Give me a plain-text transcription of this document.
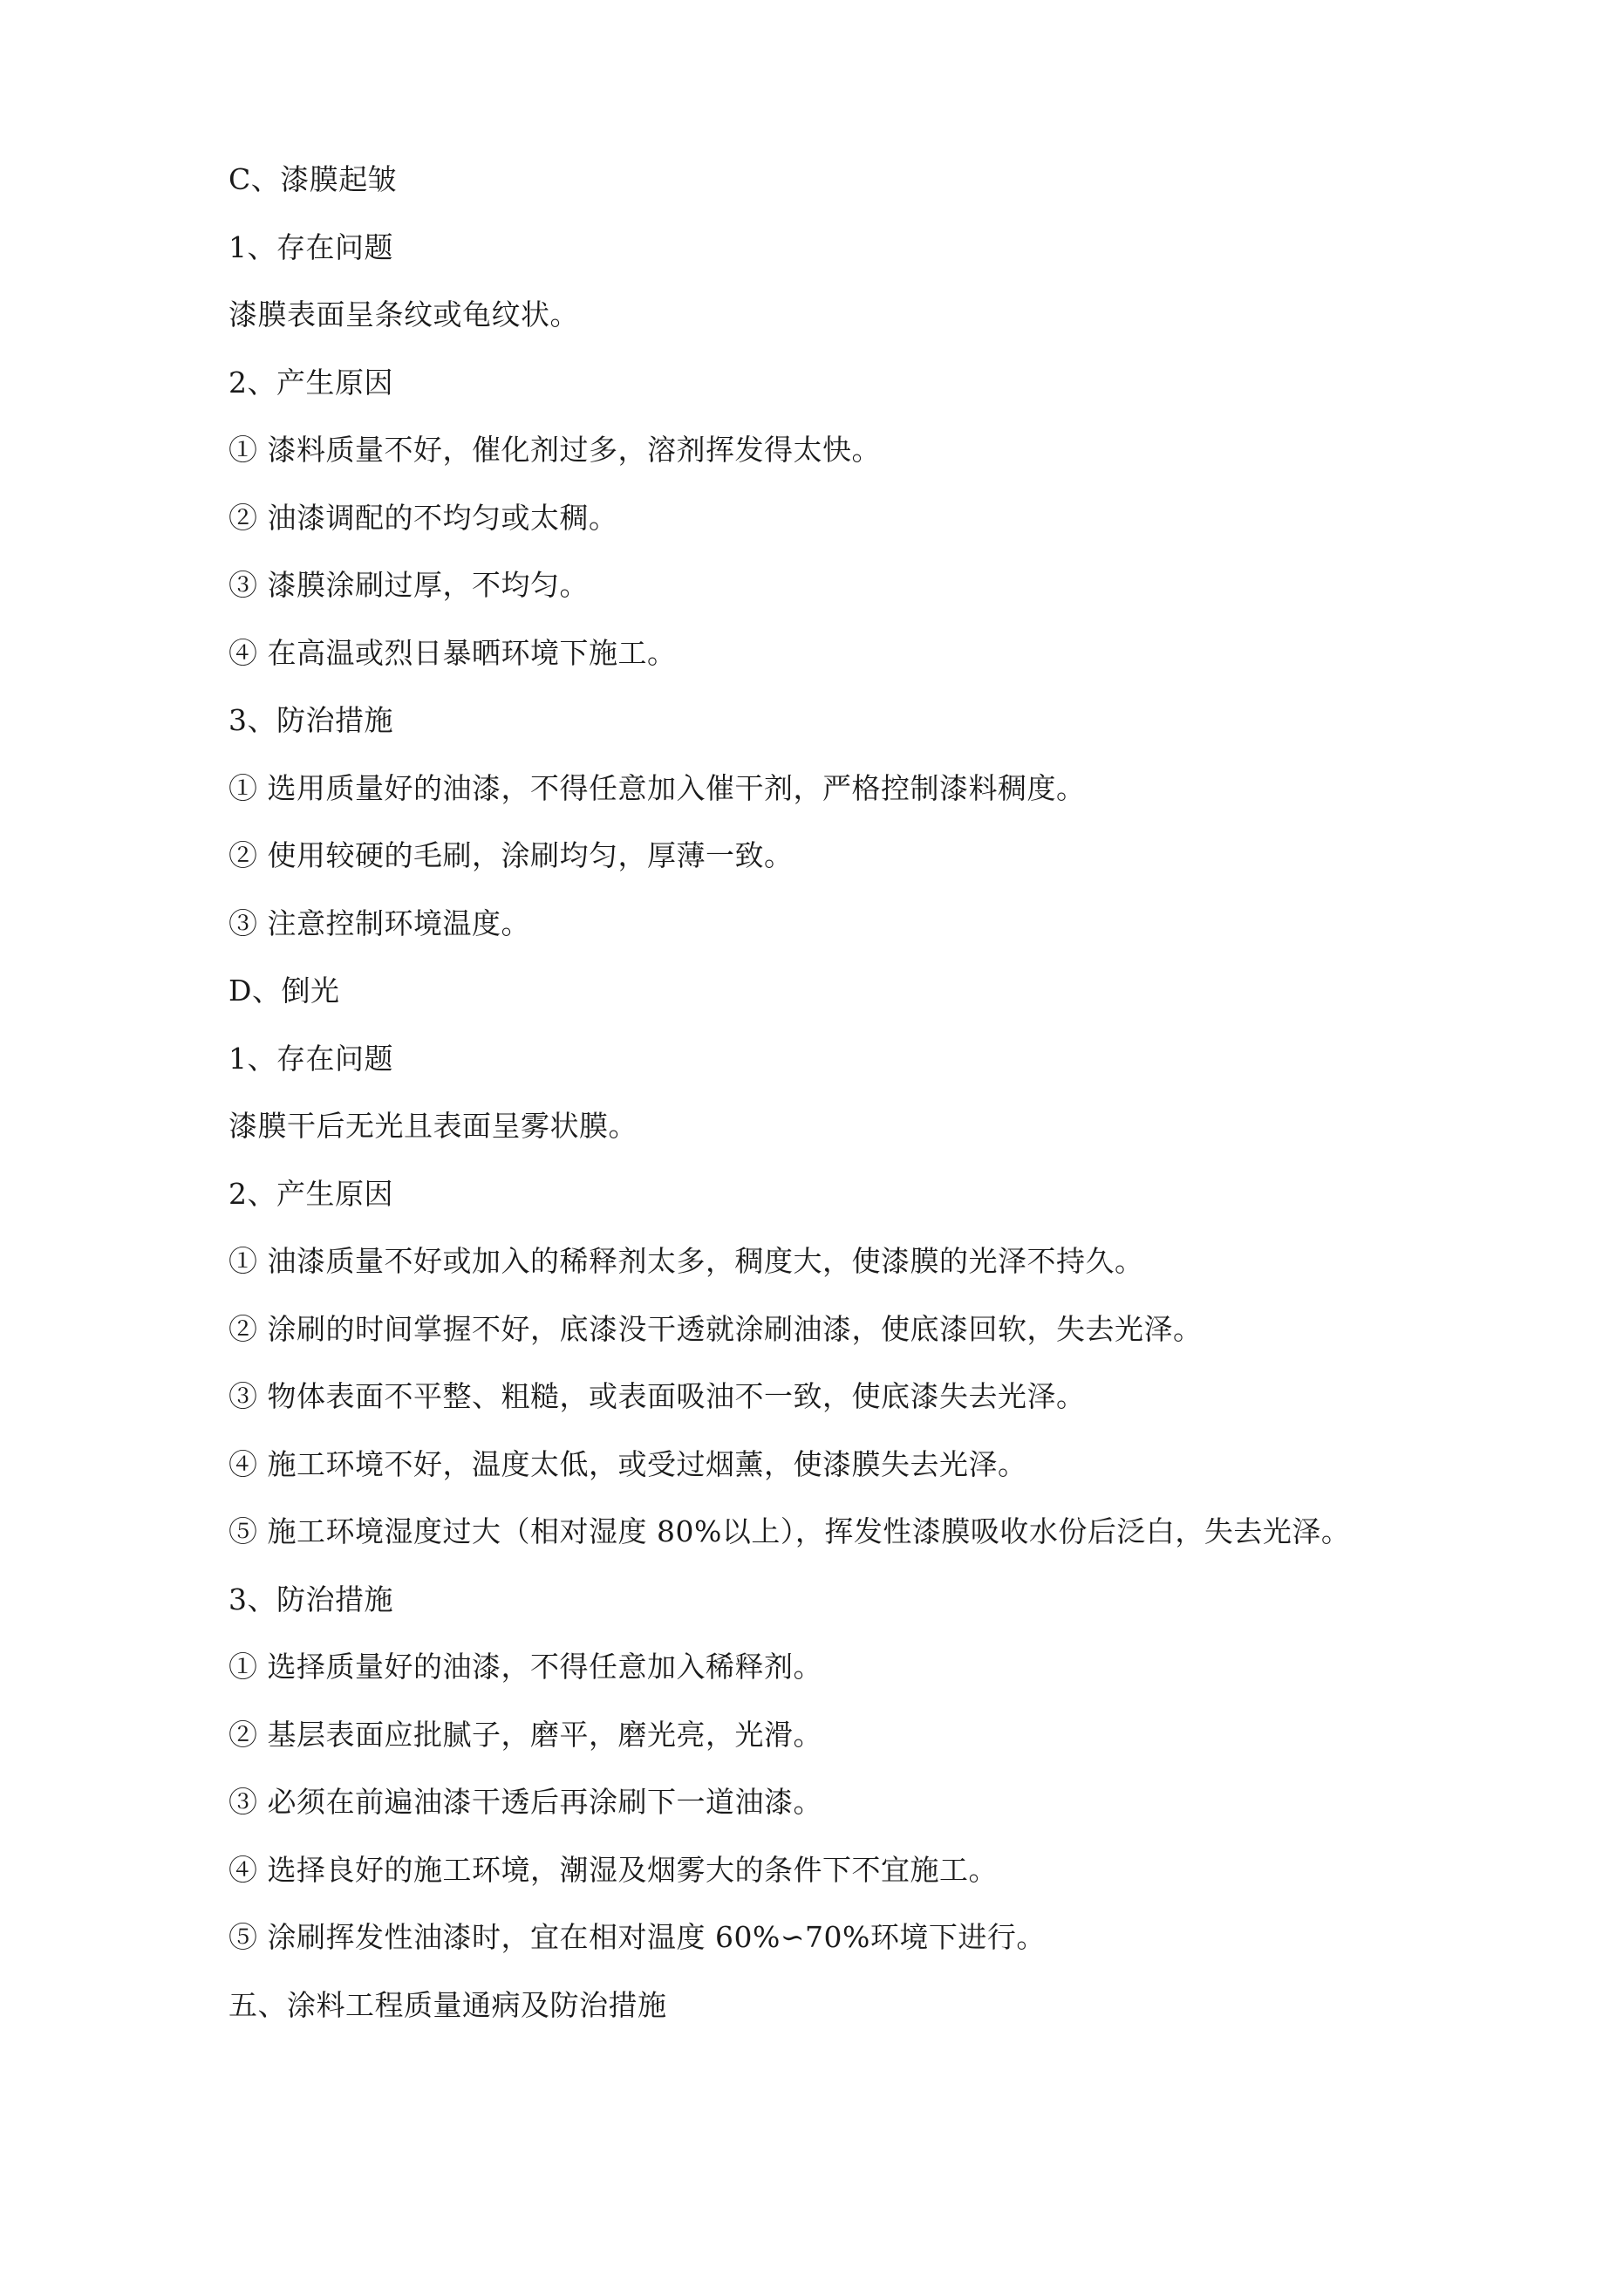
C、漆膜起皱
1、存在问题
漆膜表面呈条纹或龟纹状。
2、产生原因
① 漆料质量不好，催化剂过多，溶剂挥发得太快。
② 油漆调配的不均匀或太稠。
③ 漆膜涂刷过厚，不均匀。
④ 在高温或烈日暴晒环境下施工。
3、防治措施
① 选用质量好的油漆，不得任意加入催干剂，严格控制漆料稠度。
② 使用较硬的毛刷，涂刷均匀，厚薄一致。
③ 注意控制环境温度。
D、倒光
1、存在问题
漆膜干后无光且表面呈雾状膜。
2、产生原因
① 油漆质量不好或加入的稀释剂太多，稠度大，使漆膜的光泽不持久。
② 涂刷的时间掌握不好，底漆没干透就涂刷油漆，使底漆回软，失去光泽。
③ 物体表面不平整、粗糙，或表面吸油不一致，使底漆失去光泽。
④ 施工环境不好，温度太低，或受过烟薰，使漆膜失去光泽。
⑤ 施工环境湿度过大（相对湿度 80%以上），挥发性漆膜吸收水份后泛白，失去光泽。
3、防治措施
① 选择质量好的油漆，不得任意加入稀释剂。
② 基层表面应批腻子，磨平，磨光亮，光滑。
③ 必须在前遍油漆干透后再涂刷下一道油漆。
④ 选择良好的施工环境，潮湿及烟雾大的条件下不宜施工。
⑤ 涂刷挥发性油漆时，宜在相对温度 60%∽70%环境下进行。
五、涂料工程质量通病及防治措施
